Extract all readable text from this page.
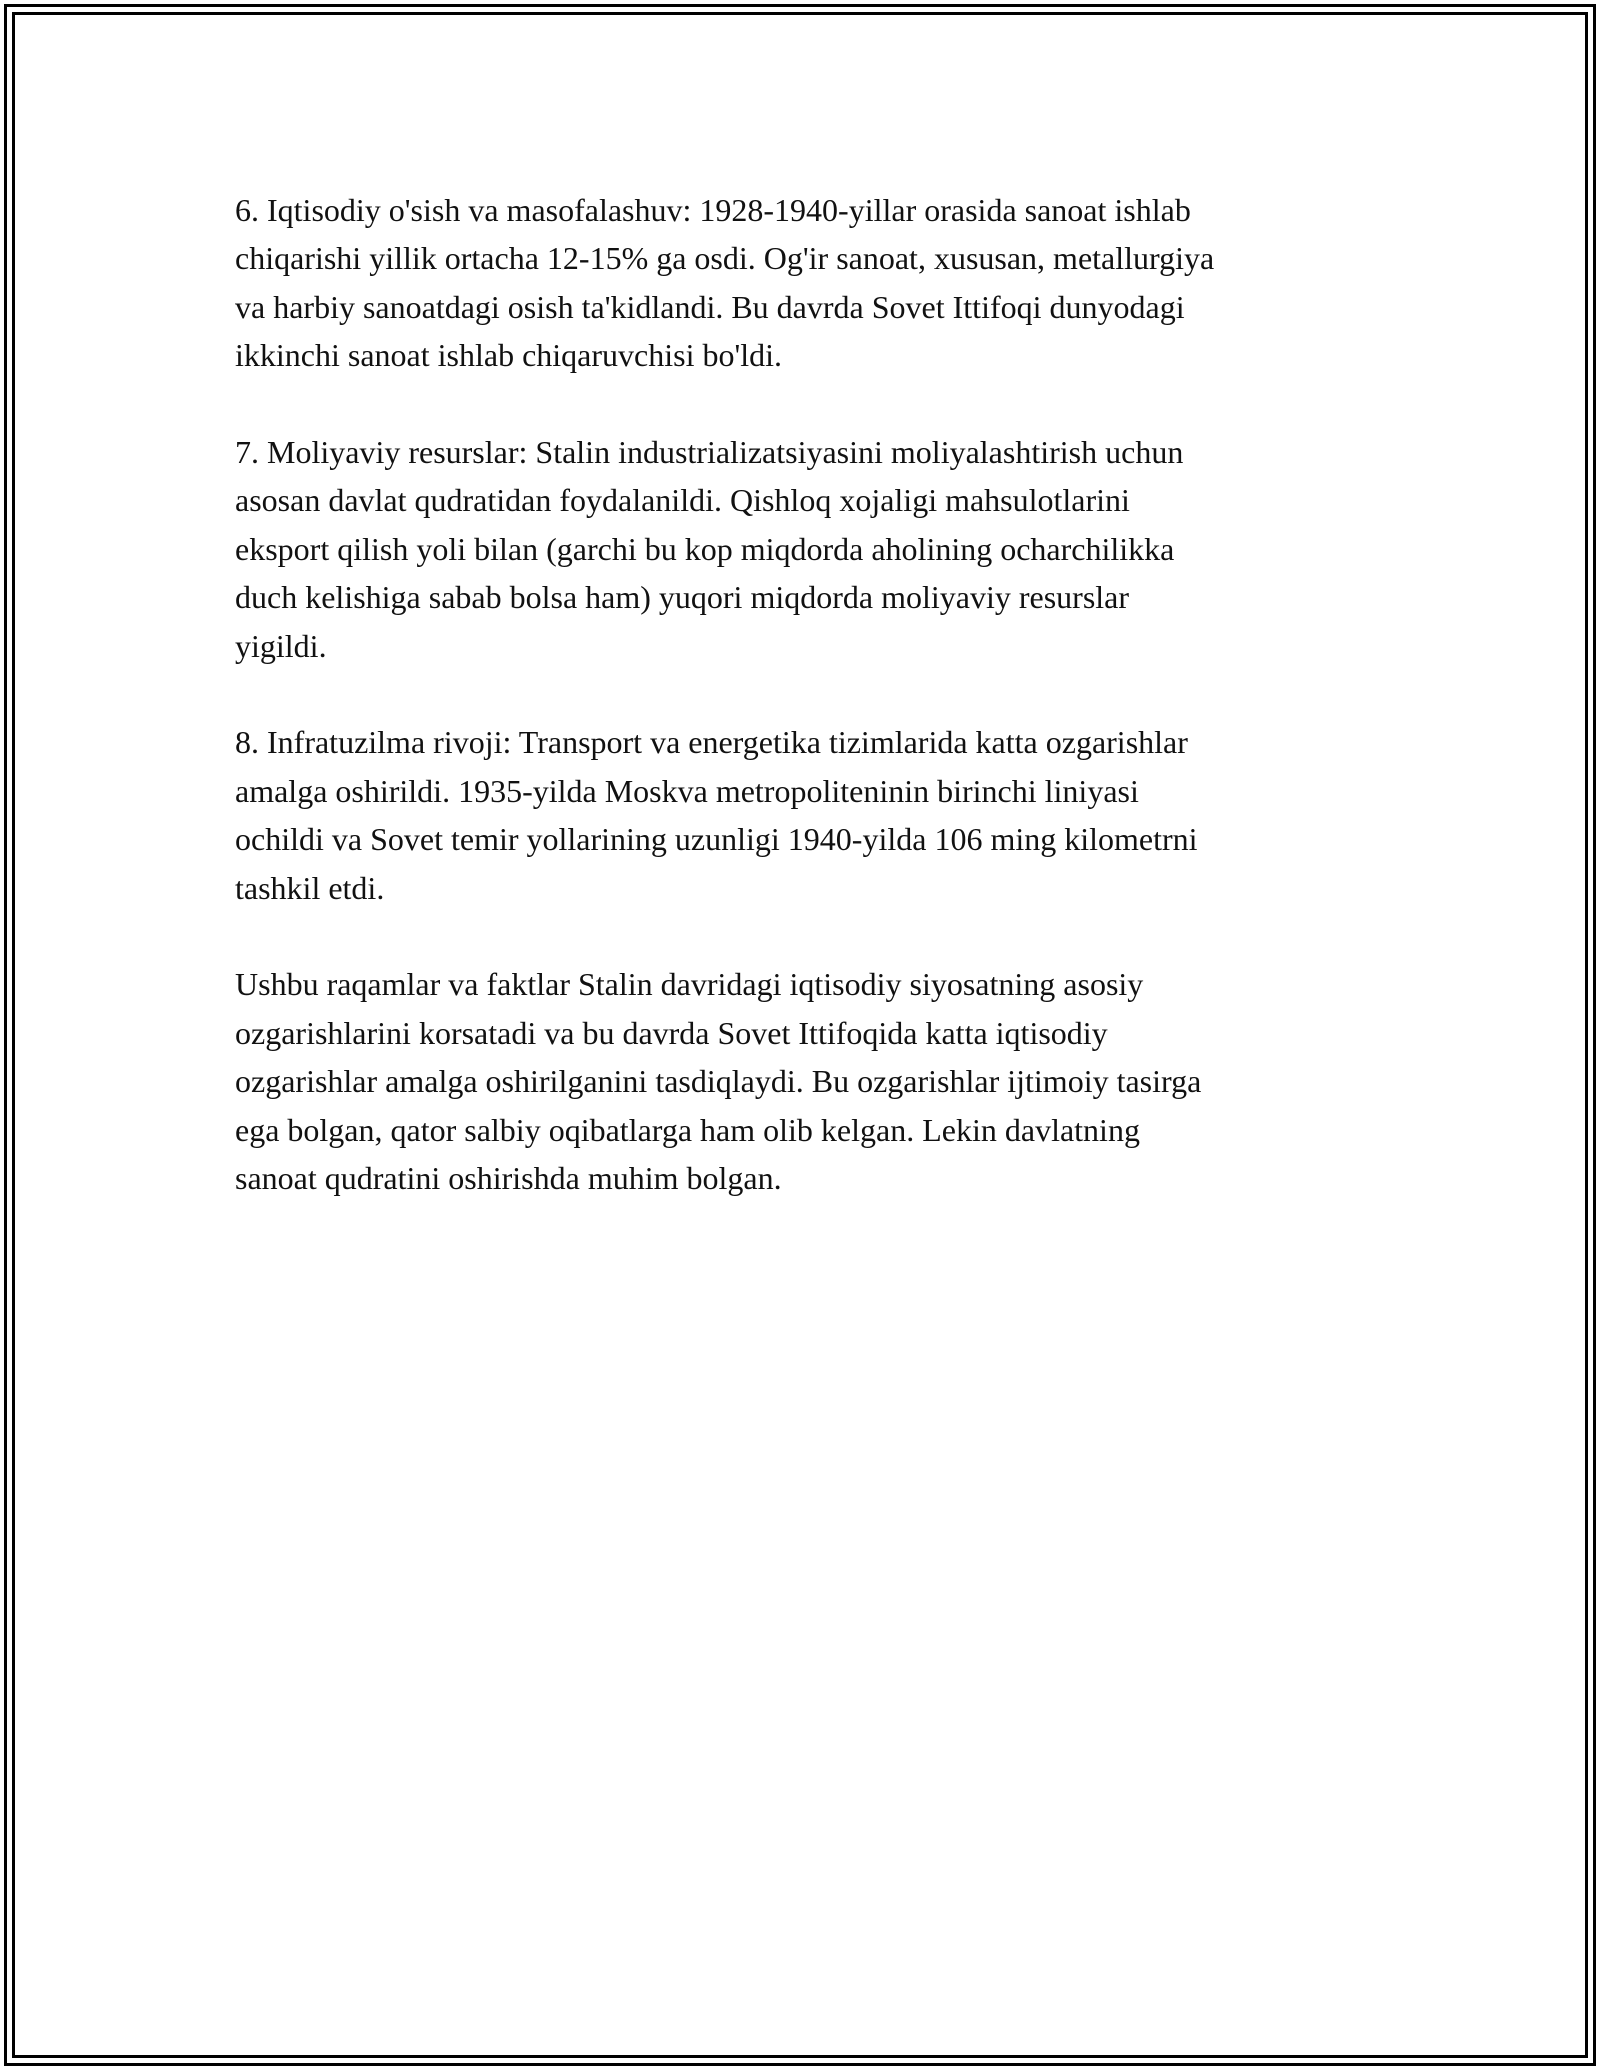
6. Iqtisodiy o'sish va masofalashuv: 1928-1940-yillar orasida sanoat ishlab
chiqarishi yillik ortacha 12-15% ga osdi. Og'ir sanoat, xususan, metallurgiya
va harbiy sanoatdagi osish ta'kidlandi. Bu davrda Sovet Ittifoqi dunyodagi
ikkinchi sanoat ishlab chiqaruvchisi bo'ldi.

7. Moliyaviy resurslar: Stalin industrializatsiyasini moliyalashtirish uchun
asosan davlat qudratidan foydalanildi. Qishloq xojaligi mahsulotlarini
eksport qilish yoli bilan (garchi bu kop miqdorda aholining ocharchilikka
duch kelishiga sabab bolsa ham) yuqori miqdorda moliyaviy resurslar
yigildi.

8. Infratuzilma rivoji: Transport va energetika tizimlarida katta ozgarishlar
amalga oshirildi. 1935-yilda Moskva metropoliteninin birinchi liniyasi
ochildi va Sovet temir yollarining uzunligi 1940-yilda 106 ming kilometrni
tashkil etdi.

Ushbu raqamlar va faktlar Stalin davridagi iqtisodiy siyosatning asosiy
ozgarishlarini korsatadi va bu davrda Sovet Ittifoqida katta iqtisodiy
ozgarishlar amalga oshirilganini tasdiqlaydi. Bu ozgarishlar ijtimoiy tasirga
ega bolgan, qator salbiy oqibatlarga ham olib kelgan. Lekin davlatning
sanoat qudratini oshirishda muhim bolgan.
